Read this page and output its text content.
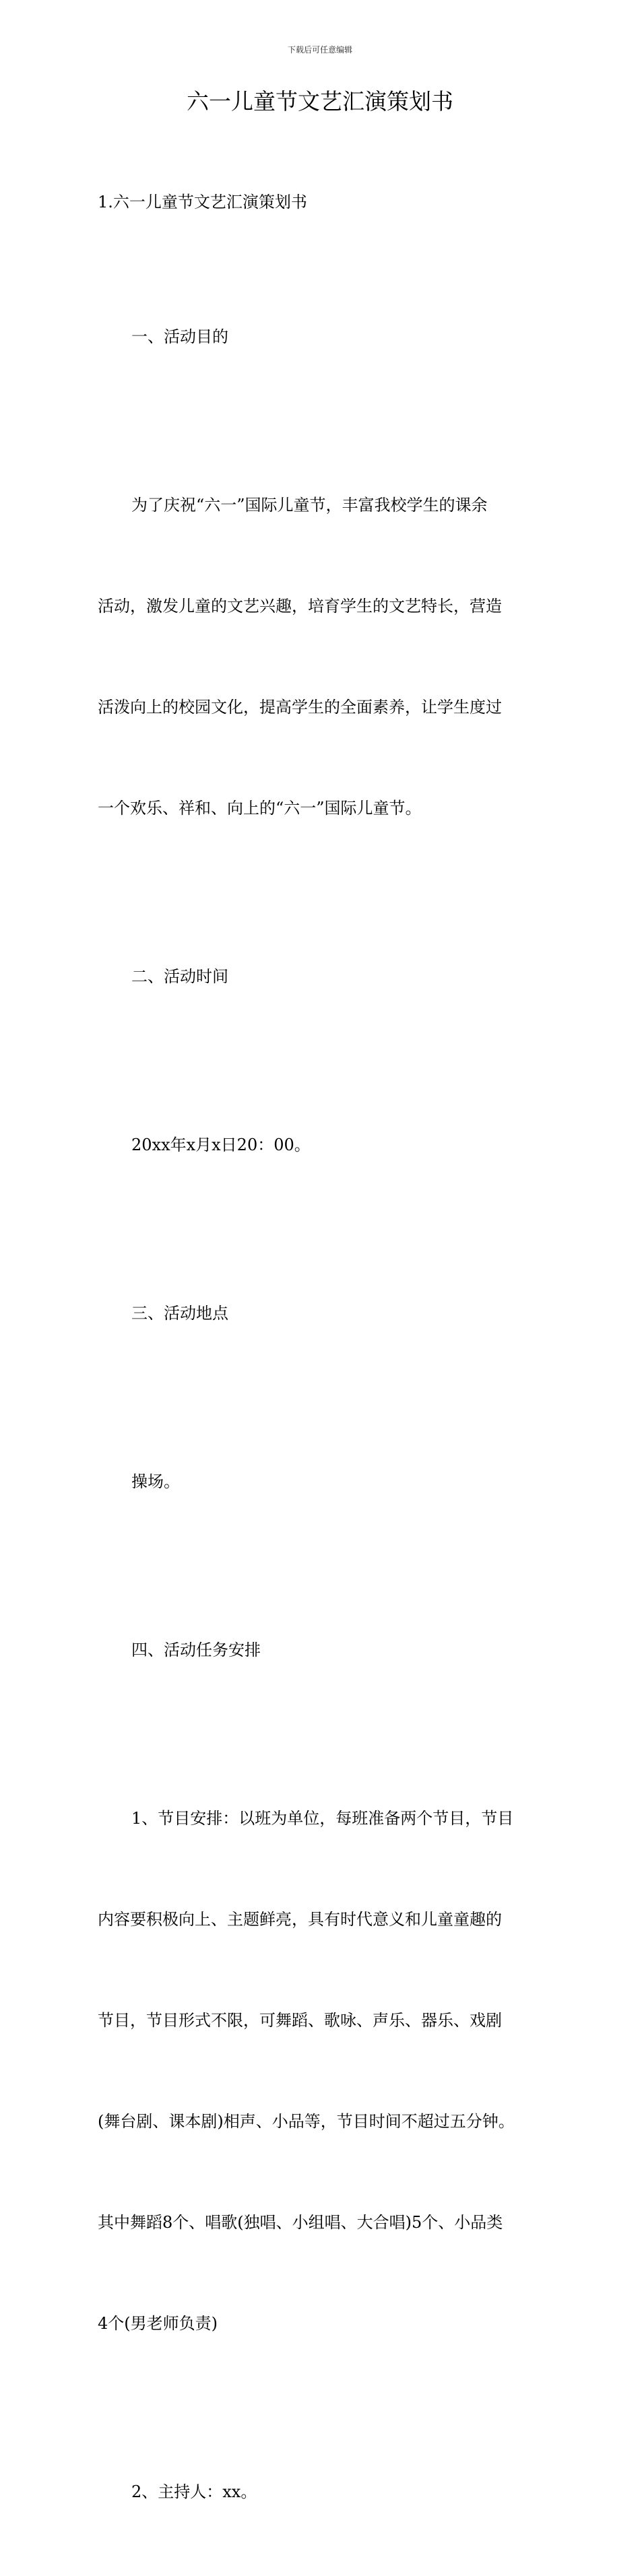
下载后可任意编辑
六一儿童节文艺汇演策划书
1.六一儿童节文艺汇演策划书

一、活动目的

为了庆祝“六一”国际儿童节，丰富我校学生的课余

活动，激发儿童的文艺兴趣，培育学生的文艺特长，营造

活泼向上的校园文化，提高学生的全面素养，让学生度过

一个欢乐、祥和、向上的“六一”国际儿童节。

二、活动时间

20xx年x月x日20：00。

三、活动地点

操场。

四、活动任务安排

1、节目安排：以班为单位，每班准备两个节目，节目

内容要积极向上、主题鲜亮，具有时代意义和儿童童趣的

节目，节目形式不限，可舞蹈、歌咏、声乐、器乐、戏剧

(舞台剧、课本剧)相声、小品等，节目时间不超过五分钟。

其中舞蹈8个、唱歌(独唱、小组唱、大合唱)5个、小品类

4个(男老师负责)

2、主持人：xx。
